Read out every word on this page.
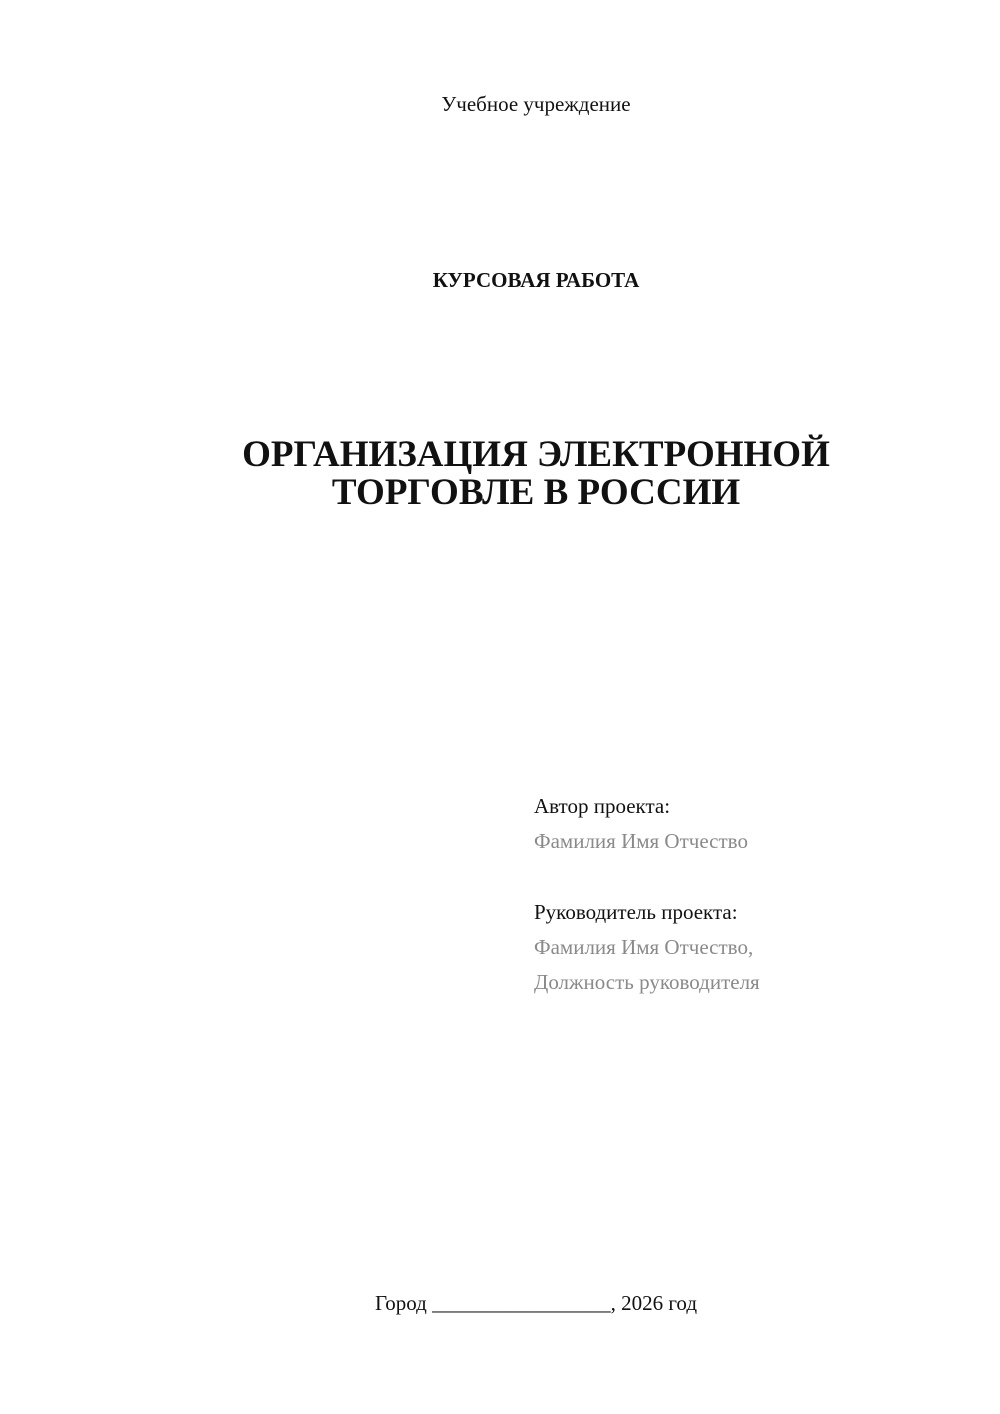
Учебное учреждение
КУРСОВАЯ РАБОТА
ОРГАНИЗАЦИЯ ЭЛЕКТРОННОЙ
ТОРГОВЛЕ В РОССИИ
Автор проекта:
Фамилия Имя Отчество
Руководитель проекта:
Фамилия Имя Отчество,
Должность руководителя
Город _________________, 2026 год
